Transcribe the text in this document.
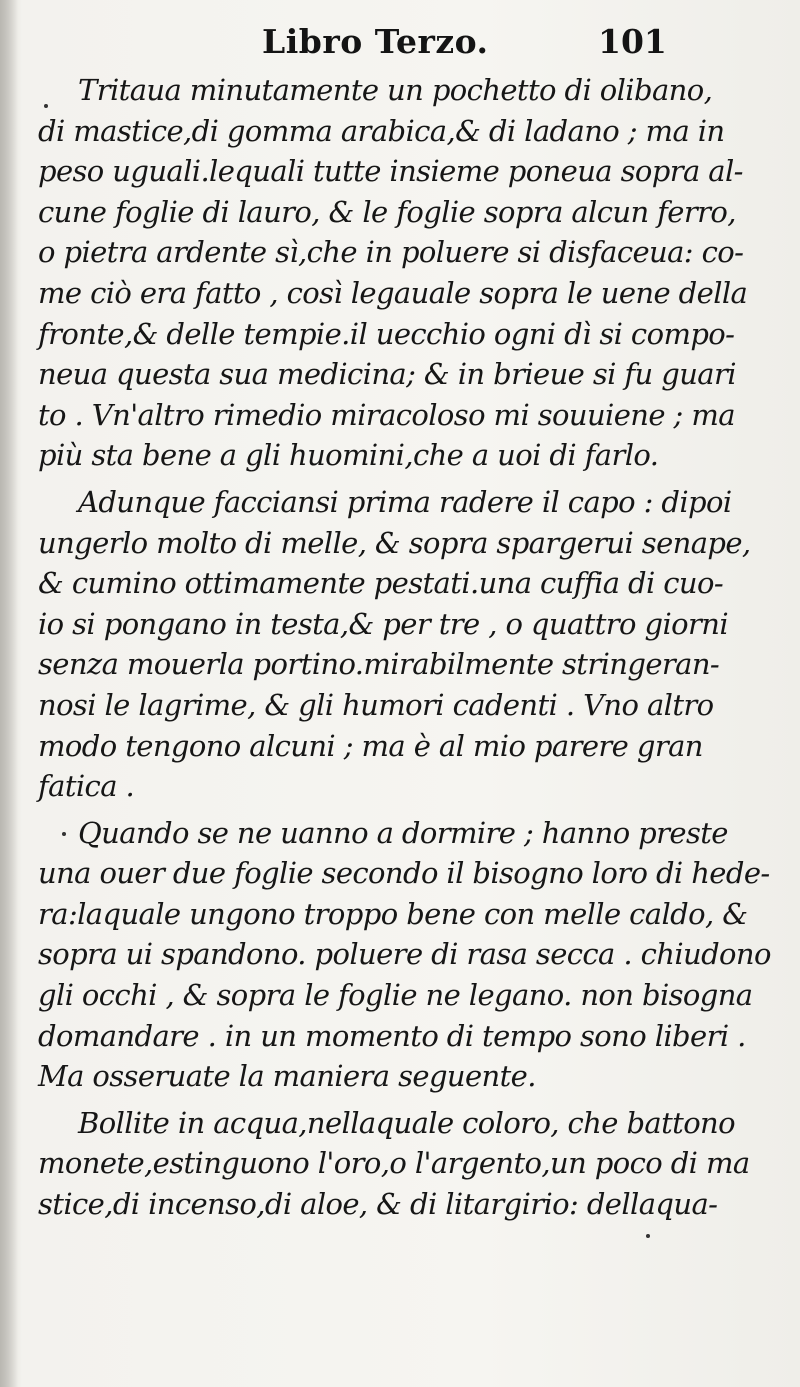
Libro Terzo.	101
Tritaua minutamente un pochetto di olibano,
di mastice,di gomma arabica,& di ladano ; ma in
peso uguali.lequali tutte insieme poneua sopra al-
cune foglie di lauro, & le foglie sopra alcun ferro,
o pietra ardente sì,che in poluere si disfaceua: co-
me ciò era fatto , così legauale sopra le uene della
fronte,& delle tempie.il uecchio ogni dì si compo-
neua questa sua medicina; & in brieue si fu guari
to . Vn'altro rimedio miracoloso mi souuiene ; ma
più sta bene a gli huomini,che a uoi di farlo.
Adunque facciansi prima radere il capo : dipoi
ungerlo molto di melle, & sopra spargerui senape,
& cumino ottimamente pestati.una cuffia di cuo-
io si pongano in testa,& per tre , o quattro giorni
senza mouerla portino.mirabilmente stringeran-
nosi le lagrime, & gli humori cadenti . Vno altro
modo tengono alcuni ; ma è al mio parere gran
fatica .
Quando se ne uanno a dormire ; hanno preste
una ouer due foglie secondo il bisogno loro di hede-
ra:laquale ungono troppo bene con melle caldo, &
sopra ui spandono. poluere di rasa secca . chiudono
gli occhi , & sopra le foglie ne legano. non bisogna
domandare . in un momento di tempo sono liberi .
Ma osseruate la maniera seguente.
Bollite in acqua,nellaquale coloro, che battono
monete,estinguono l'oro,o l'argento,un poco di ma
stice,di incenso,di aloe, & di litargirio: dellaqua-
